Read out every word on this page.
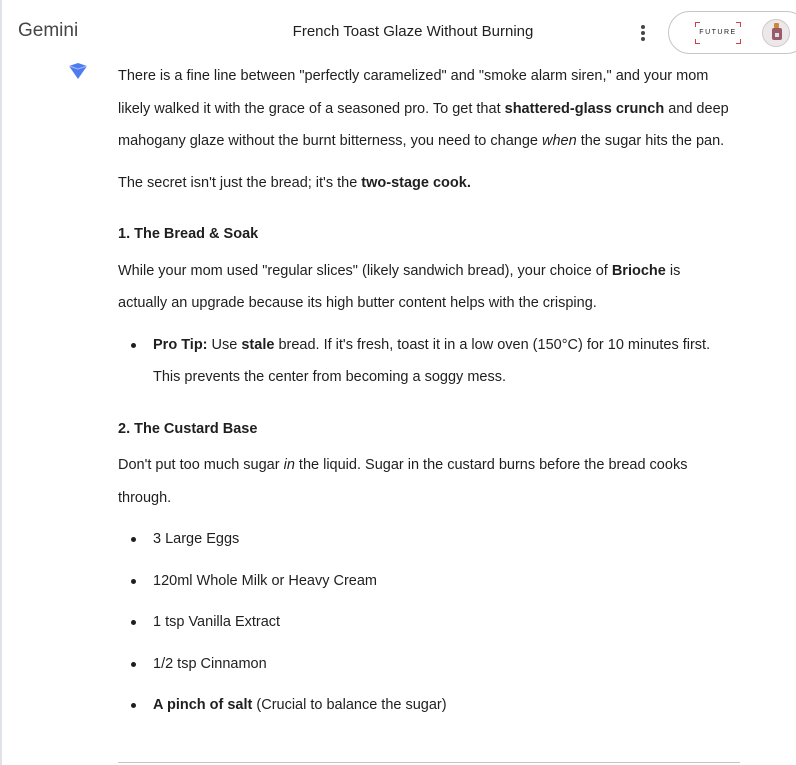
Gemini	French Toast Glaze Without Burning	FUTURE

There is a fine line between "perfectly caramelized" and "smoke alarm siren," and your mom likely walked it with the grace of a seasoned pro. To get that shattered-glass crunch and deep mahogany glaze without the burnt bitterness, you need to change when the sugar hits the pan.

The secret isn't just the bread; it's the two-stage cook.

1. The Bread & Soak

While your mom used "regular slices" (likely sandwich bread), your choice of Brioche is actually an upgrade because its high butter content helps with the crisping.

Pro Tip: Use stale bread. If it's fresh, toast it in a low oven (150°C) for 10 minutes first. This prevents the center from becoming a soggy mess.

2. The Custard Base

Don't put too much sugar in the liquid. Sugar in the custard burns before the bread cooks through.

3 Large Eggs
120ml Whole Milk or Heavy Cream
1 tsp Vanilla Extract
1/2 tsp Cinnamon
A pinch of salt (Crucial to balance the sugar)
